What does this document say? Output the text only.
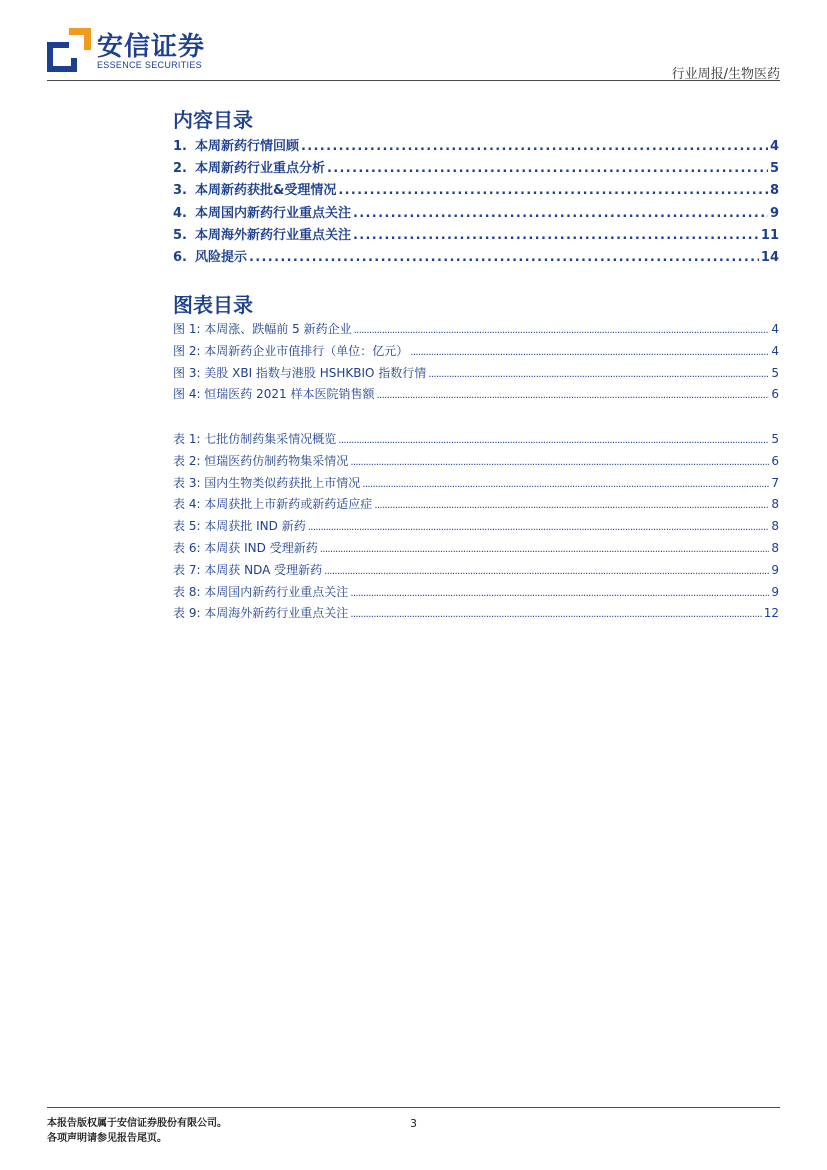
安信证券
ESSENCE SECURITIES
行业周报/生物医药
内容目录
1. 本周新药行情回顾 . . .	4
2. 本周新药行业重点分析 . . .	5
3. 本周新药获批&受理情况 . . .	8
4. 本周国内新药行业重点关注 . . .	9
5. 本周海外新药行业重点关注 . . .	11
6. 风险提示 . . .	14
图表目录
图 1: 本周涨、跌幅前 5 新药企业 . . .	4
图 2: 本周新药企业市值排行（单位：亿元） . . .	4
图 3: 美股 XBI 指数与港股 HSHKBIO 指数行情 . . .	5
图 4: 恒瑞医药 2021 样本医院销售额 . . .	6
表 1: 七批仿制药集采情况概览 . . .	5
表 2: 恒瑞医药仿制药物集采情况 . . .	6
表 3: 国内生物类似药获批上市情况 . . .	7
表 4: 本周获批上市新药或新药适应症 . . .	8
表 5: 本周获批 IND 新药 . . .	8
表 6: 本周获 IND 受理新药 . . .	8
表 7: 本周获 NDA 受理新药 . . .	9
表 8: 本周国内新药行业重点关注 . . .	9
表 9: 本周海外新药行业重点关注 . . .	12
本报告版权属于安信证券股份有限公司。
各项声明请参见报告尾页。
3
